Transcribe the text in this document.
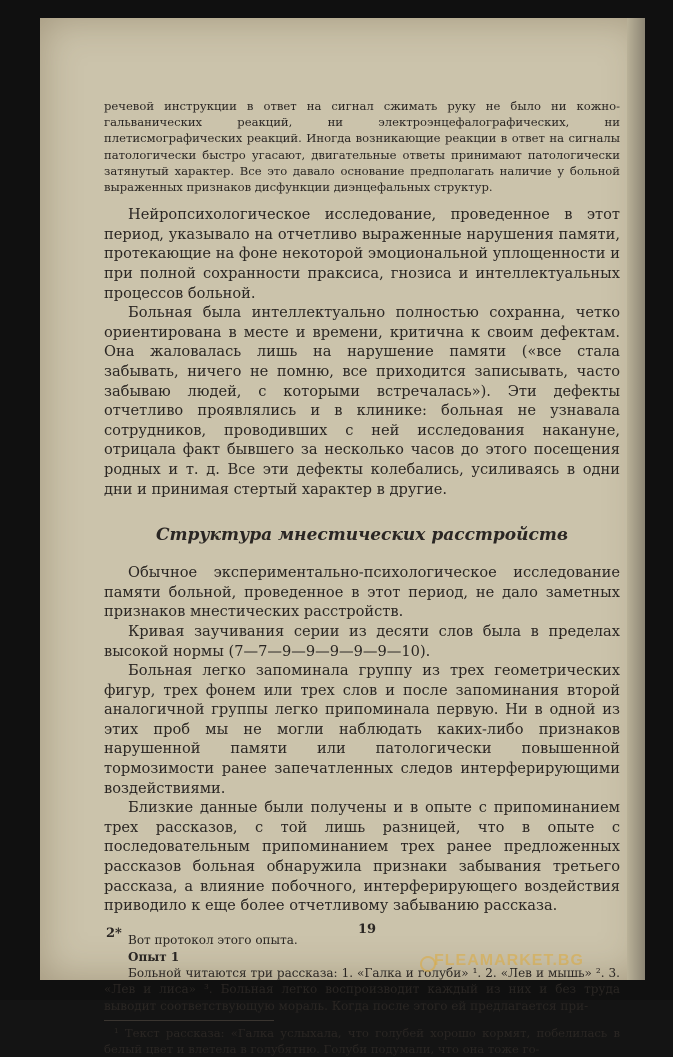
речевой инструкции в ответ на сигнал сжимать руку не было ни кожно-гальванических реакций, ни электроэнцефалографических, ни плетисмографических реакций. Иногда возникающие реакции в ответ на сигналы патологически быстро угасают, двигательные ответы принимают патологически затянутый характер. Все это давало основание предполагать наличие у больной выраженных признаков дисфункции диэнцефальных структур.

Нейропсихологическое исследование, проведенное в этот период, указывало на отчетливо выраженные нарушения памяти, протекающие на фоне некоторой эмоциональной уплощенности и при полной сохранности праксиса, гнозиса и интеллектуальных процессов больной.

Больная была интеллектуально полностью сохранна, четко ориентирована в месте и времени, критична к своим дефектам. Она жаловалась лишь на нарушение памяти («все стала забывать, ничего не помню, все приходится записывать, часто забываю людей, с которыми встречалась»). Эти дефекты отчетливо проявлялись и в клинике: больная не узнавала сотрудников, проводивших с ней исследования накануне, отрицала факт бывшего за несколько часов до этого посещения родных и т. д. Все эти дефекты колебались, усиливаясь в одни дни и принимая стертый характер в другие.

Структура мнестических расстройств

Обычное экспериментально-психологическое исследование памяти больной, проведенное в этот период, не дало заметных признаков мнестических расстройств.

Кривая заучивания серии из десяти слов была в пределах высокой нормы (7—7—9—9—9—9—9—10).

Больная легко запоминала группу из трех геометрических фигур, трех фонем или трех слов и после запоминания второй аналогичной группы легко припоминала первую. Ни в одной из этих проб мы не могли наблюдать каких-либо признаков нарушенной памяти или патологически повышенной тормозимости ранее запечатленных следов интерферирующими воздействиями.

Близкие данные были получены и в опыте с припоминанием трех рассказов, с той лишь разницей, что в опыте с последовательным припоминанием трех ранее предложенных рассказов больная обнаружила признаки забывания третьего рассказа, а влияние побочного, интерферирующего воздействия приводило к еще более отчетливому забыванию рассказа.

Вот протокол этого опыта.
Опыт 1

Больной читаются три рассказа: 1. «Галка и голуби» ¹. 2. «Лев и мышь» ². 3. «Лев и лиса» ³. Больная легко воспроизводит каждый из них и без труда выводит соответствующую мораль. Когда после этого ей предлагается при-

¹ Текст рассказа: «Галка услыхала, что голубей хорошо кормят, побелилась в белый цвет и влетела в голубятню. Голуби подумали, что она тоже го-

2*	19
FLEAMARKET.BG
